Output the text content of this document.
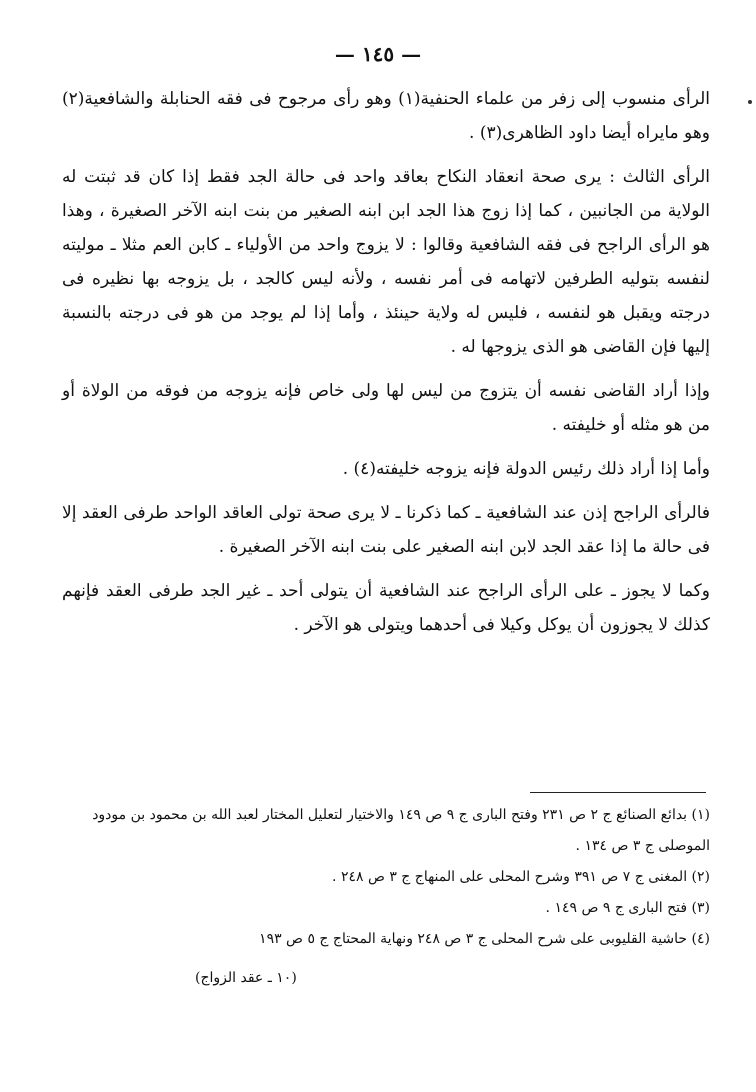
— ١٤٥ —

الرأى منسوب إلى زفر من علماء الحنفية(١) وهو رأى مرجوح فى فقه الحنابلة والشافعية(٢) وهو مايراه أيضا داود الظاهرى(٣) .

الرأى الثالث : يرى صحة انعقاد النكاح بعاقد واحد فى حالة الجد فقط إذا كان قد ثبتت له الولاية من الجانبين ، كما إذا زوج هذا الجد ابن ابنه الصغير من بنت ابنه الآخر الصغيرة ، وهذا هو الرأى الراجح فى فقه الشافعية وقالوا : لا يزوج واحد من الأولياء ـ كابن العم مثلا ـ موليته لنفسه بتوليه الطرفين لاتهامه فى أمر نفسه ، ولأنه ليس كالجد ، بل يزوجه بها نظيره فى درجته ويقبل هو لنفسه ، فليس له ولاية حينئذ ، وأما إذا لم يوجد من هو فى درجته بالنسبة إليها فإن القاضى هو الذى يزوجها له .

وإذا أراد القاضى نفسه أن يتزوج من ليس لها ولى خاص فإنه يزوجه من فوقه من الولاة أو من هو مثله أو خليفته .

وأما إذا أراد ذلك رئيس الدولة فإنه يزوجه خليفته(٤) .

فالرأى الراجح إذن عند الشافعية ـ كما ذكرنا ـ لا يرى صحة تولى العاقد الواحد طرفى العقد إلا فى حالة ما إذا عقد الجد لابن ابنه الصغير على بنت ابنه الآخر الصغيرة .

وكما لا يجوز ـ على الرأى الراجح عند الشافعية أن يتولى أحد ـ غير الجد طرفى العقد فإنهم كذلك لا يجوزون أن يوكل وكيلا فى أحدهما ويتولى هو الآخر .

(١) بدائع الصنائع ج ٢ ص ٢٣١ وفتح البارى ج ٩ ص ١٤٩ والاختيار لتعليل المختار لعبد الله بن محمود بن مودود الموصلى ج ٣ ص ١٣٤ .

(٢) المغنى ج ٧ ص ٣٩١ وشرح المحلى على المنهاج ج ٣ ص ٢٤٨ .

(٣) فتح البارى ج ٩ ص ١٤٩ .

(٤) حاشية القليوبى على شرح المحلى ج ٣ ص ٢٤٨ ونهاية المحتاج ج ٥ ص ١٩٣

(١٠ ـ عقد الزواج)
